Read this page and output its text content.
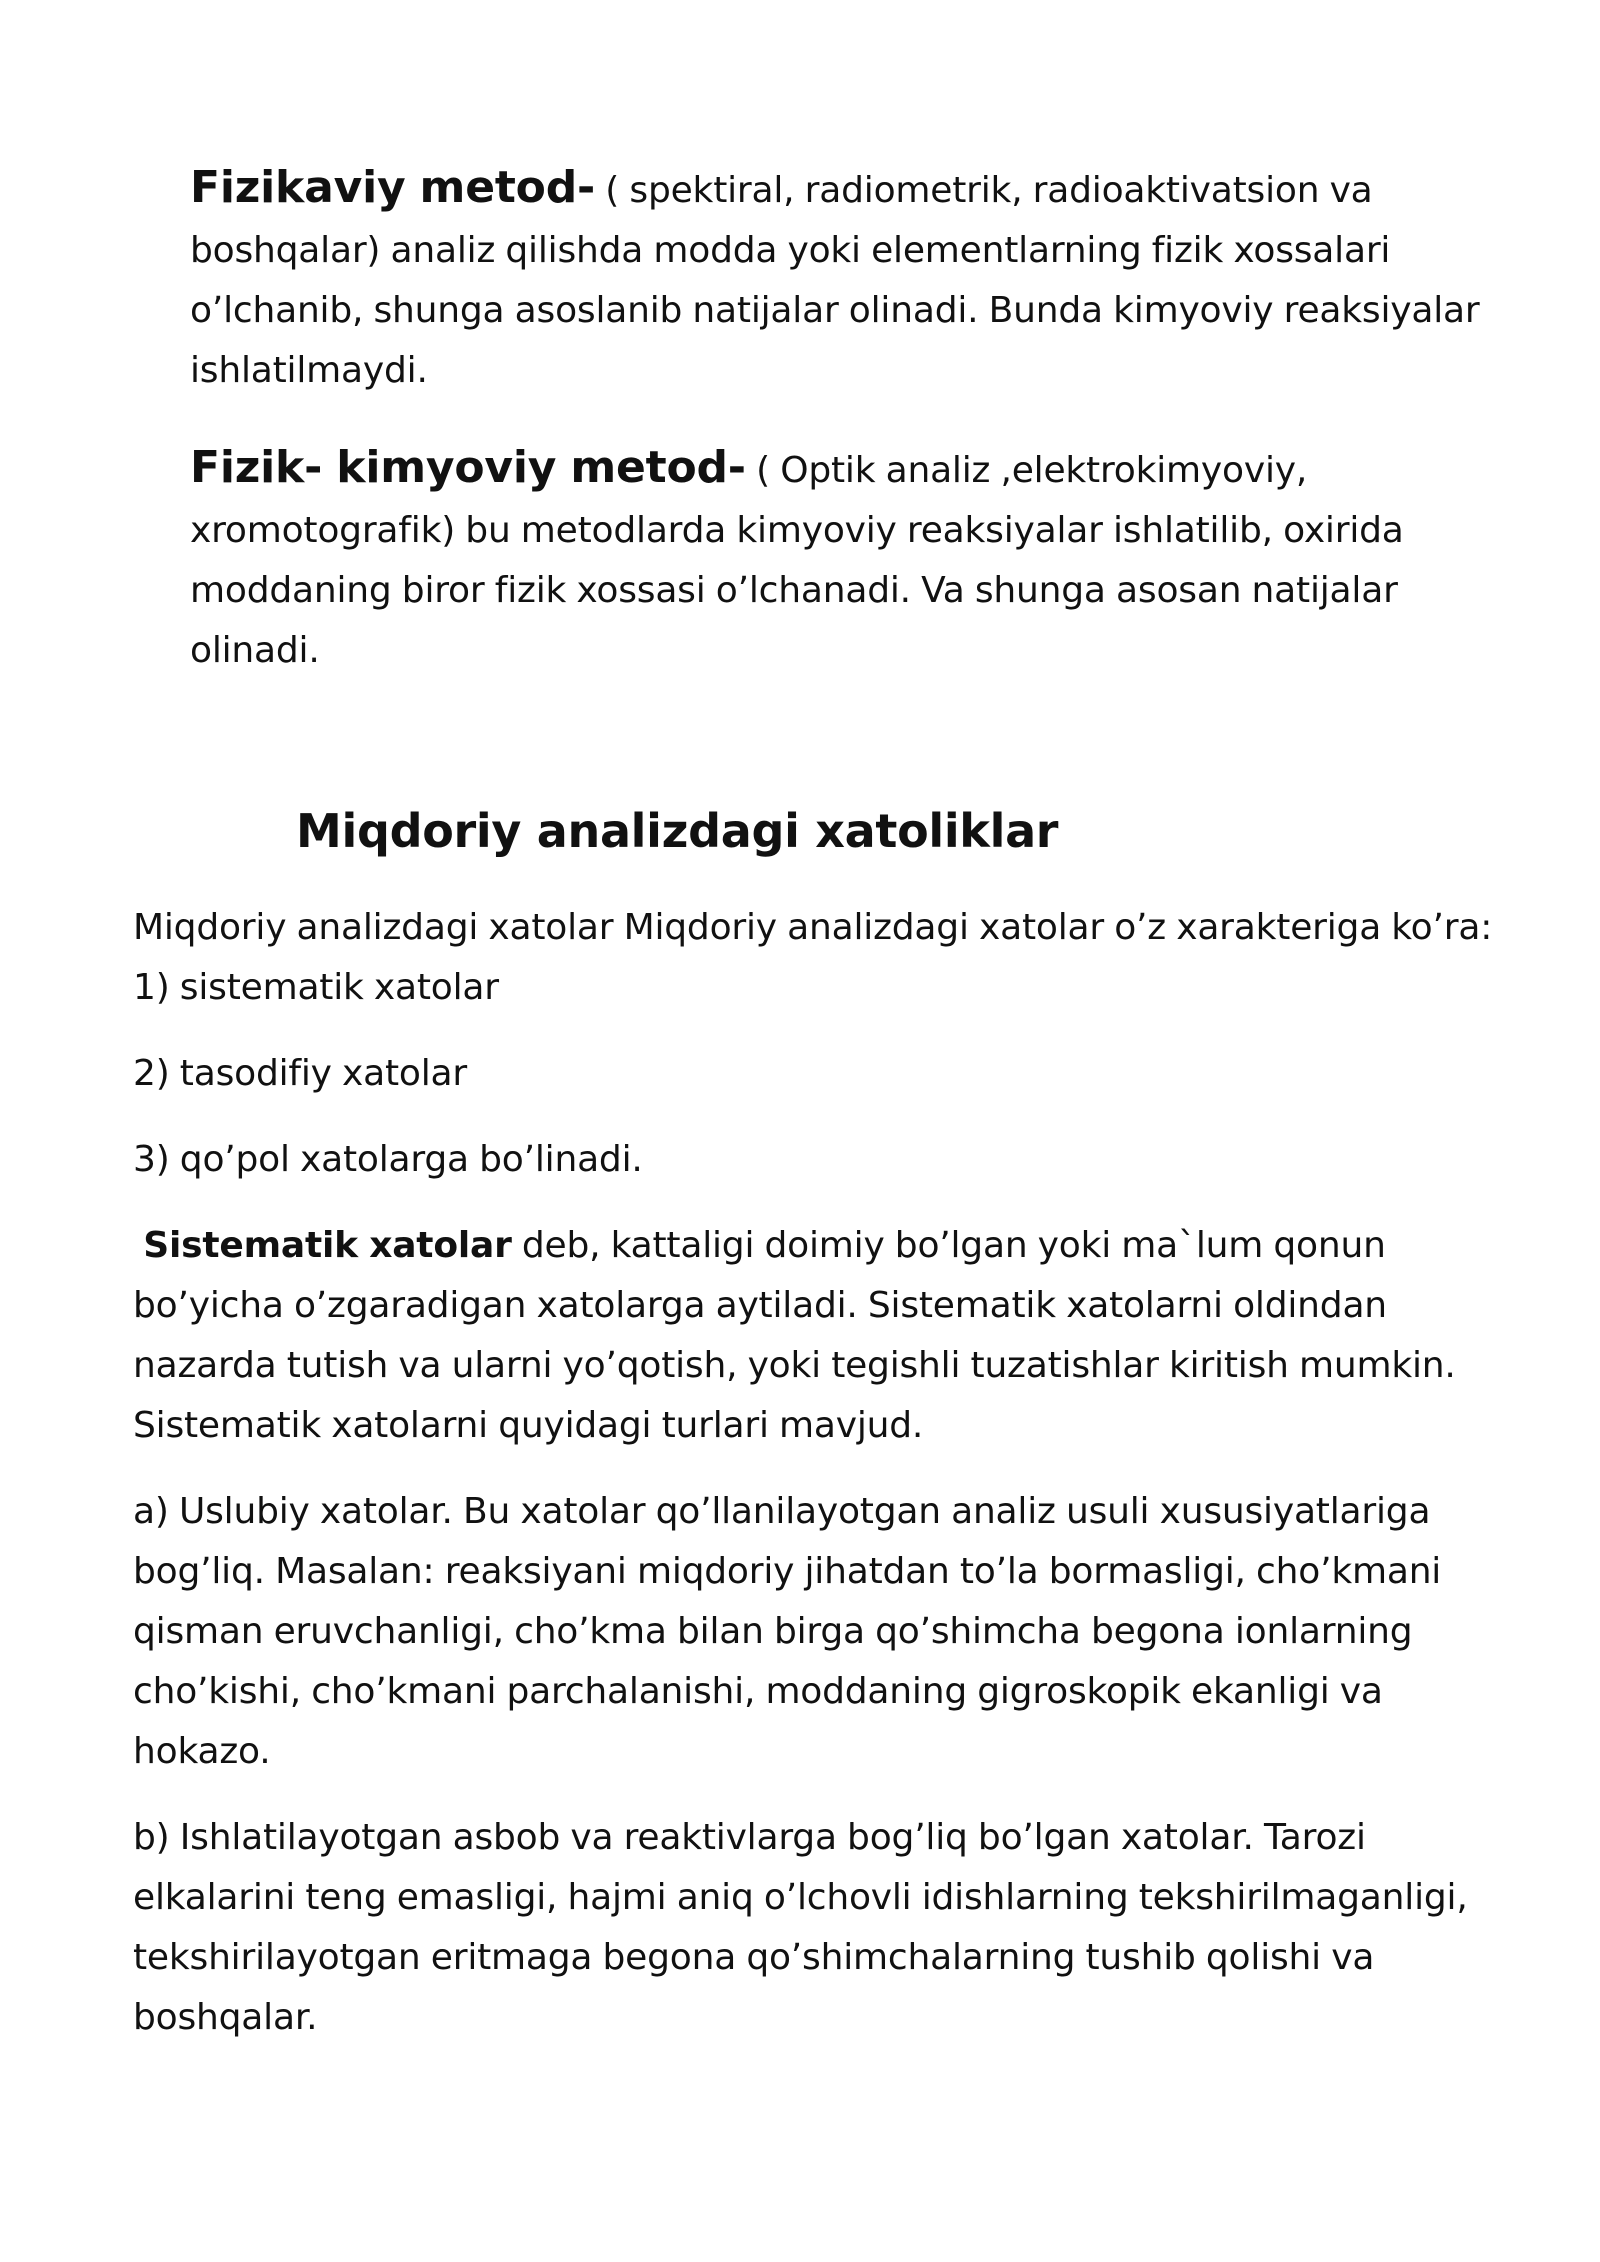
Fizikaviy metod- ( spektiral, radiometrik, radioaktivatsion va boshqalar) analiz qilishda modda yoki elementlarning fizik xossalari o’lchanib, shunga asoslanib natijalar olinadi. Bunda kimyoviy reaksiyalar ishlatilmaydi.

Fizik- kimyoviy metod- ( Optik analiz ,elektrokimyoviy, xromotografik) bu metodlarda kimyoviy reaksiyalar ishlatilib, oxirida moddaning biror fizik xossasi o’lchanadi. Va shunga asosan natijalar olinadi.

Miqdoriy analizdagi xatoliklar

Miqdoriy analizdagi xatolar Miqdoriy analizdagi xatolar o’z xarakteriga ko’ra:
1) sistematik xatolar

2) tasodifiy xatolar

3) qo’pol xatolarga bo’linadi.

Sistematik xatolar deb, kattaligi doimiy bo’lgan yoki ma`lum qonun bo’yicha o’zgaradigan xatolarga aytiladi. Sistematik xatolarni oldindan nazarda tutish va ularni yo’qotish, yoki tegishli tuzatishlar kiritish mumkin. Sistematik xatolarni quyidagi turlari mavjud.

a) Uslubiy xatolar. Bu xatolar qo’llanilayotgan analiz usuli xususiyatlariga bog’liq. Masalan: reaksiyani miqdoriy jihatdan to’la bormasligi, cho’kmani qisman eruvchanligi, cho’kma bilan birga qo’shimcha begona ionlarning cho’kishi, cho’kmani parchalanishi, moddaning gigroskopik ekanligi va hokazo.

b) Ishlatilayotgan asbob va reaktivlarga bog’liq bo’lgan xatolar. Tarozi elkalarini teng emasligi, hajmi aniq o’lchovli idishlarning tekshirilmaganligi, tekshirilayotgan eritmaga begona qo’shimchalarning tushib qolishi va boshqalar.
